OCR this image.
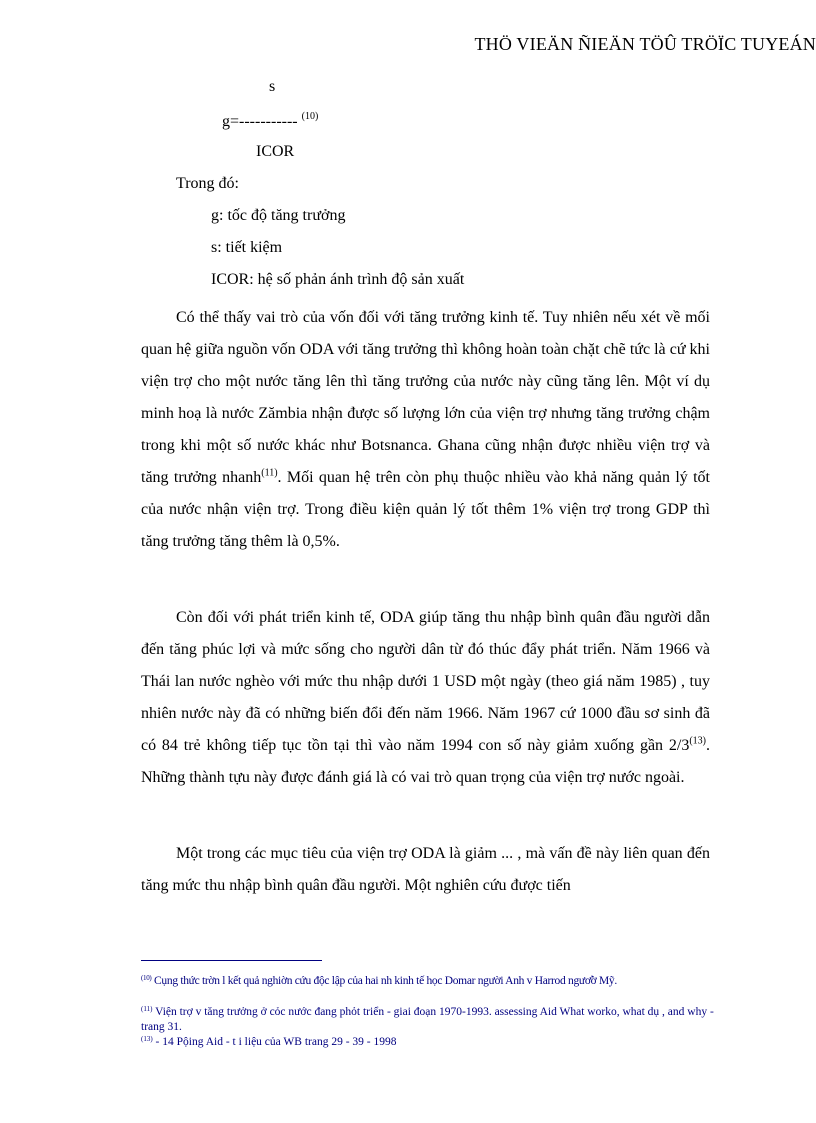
THÖ VIEÄN ÑIEÄN TÖÛ TRÖÏC TUYEÁN
s
g=----------- $^{(10)}$
ICOR
Trong đó:
g: tốc độ tăng trưởng
s: tiết kiệm
ICOR: hệ số phản ánh trình độ sản xuất

Có thể thấy vai trò của vốn đối với tăng trưởng kinh tế. Tuy nhiên nếu xét về mối quan hệ giữa nguồn vốn ODA với tăng trưởng thì không hoàn toàn chặt chẽ tức là cứ khi viện trợ cho một nước tăng lên thì tăng trưởng của nước này cũng tăng lên. Một ví dụ minh hoạ là nước Zămbia nhận được số lượng lớn của viện trợ nhưng tăng trưởng chậm trong khi một số nước khác như Botsnanca. Ghana cũng nhận được nhiều viện trợ và tăng trưởng nhanh$^{(11)}$. Mối quan hệ trên còn phụ thuộc nhiều vào khả năng quản lý tốt của nước nhận viện trợ. Trong điều kiện quản lý tốt thêm 1% viện trợ trong GDP thì tăng trưởng tăng thêm là 0,5%.

Còn đối với phát triển kinh tế, ODA giúp tăng thu nhập bình quân đầu người dẫn đến tăng phúc lợi và mức sống cho người dân từ đó thúc đẩy phát triển. Năm 1966 và Thái lan nước nghèo với mức thu nhập dưới 1 USD một ngày (theo giá năm 1985) , tuy nhiên nước này đã có những biến đổi đến năm 1966. Năm 1967 cứ 1000 đầu sơ sinh đã có 84 trẻ không tiếp tục tồn tại thì vào năm 1994 con số này giảm xuống gần 2/3$^{(13)}$. Những thành tựu này được đánh giá là có vai trò quan trọng của viện trợ nước ngoài.

Một trong các mục tiêu của viện trợ ODA là giảm ... , mà vấn đề này liên quan đến tăng mức thu nhập bình quân đầu người. Một nghiên cứu được tiến

$^{(10)}$ Cụng thức trờn l kết quả nghiờn cứu độc lập của hai nh kinh tế học Domar người Anh v Harrod ngươ̛ờ Mỹ.
$^{(11)}$ Viện trợ v tăng trưởng ở cỏc nước đang phỏt triển - giai đoạn 1970-1993. assessing Aid What worko, what dụ , and why - trang 31.
$^{(13)}$ - 14 Pộing Aid - t i liệu của WB trang 29 - 39 - 1998
